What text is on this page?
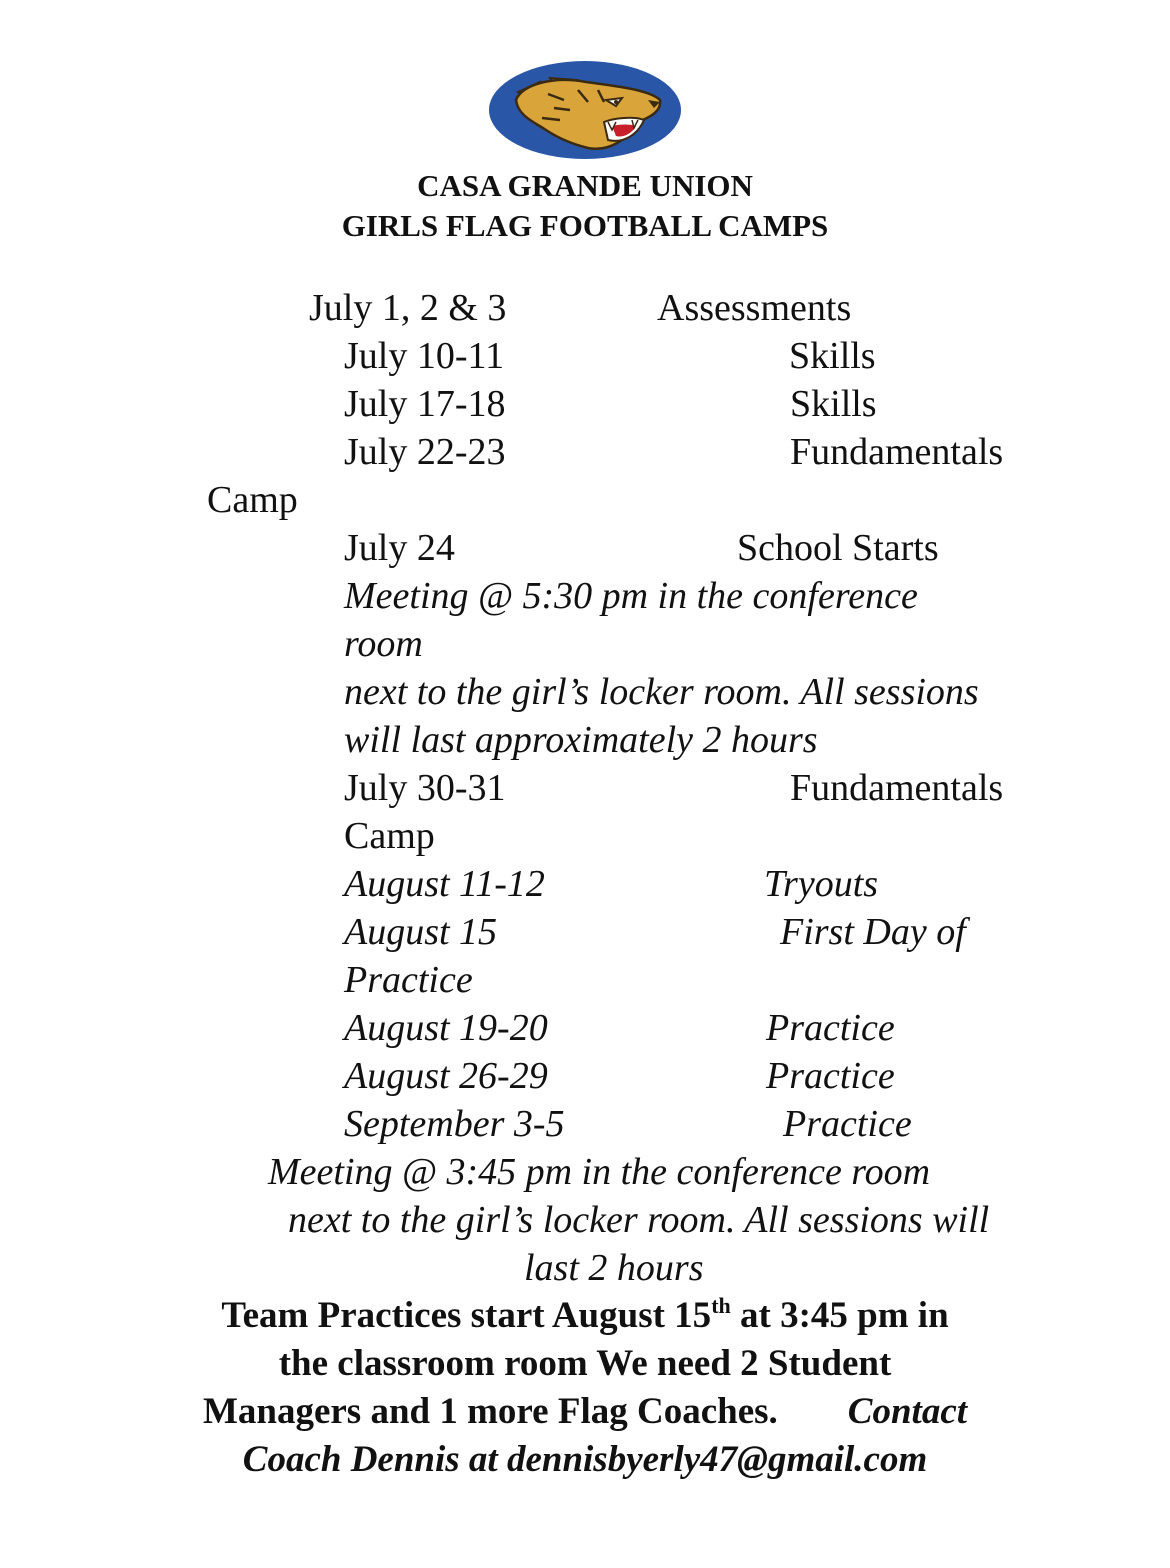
CASA GRANDE UNION
GIRLS FLAG FOOTBALL CAMPS
July 1, 2 & 3	Assessments
July 10-11	Skills
July 17-18	Skills
July 22-23	Fundamentals
Camp
July 24	School Starts
Meeting @ 5:30 pm in the conference
room
next to the girl’s locker room. All sessions
will last approximately 2 hours
July 30-31	Fundamentals
Camp
August 11-12	Tryouts
August 15	First Day of
Practice
August 19-20	Practice
August 26-29	Practice
September 3-5	Practice
Meeting @ 3:45 pm in the conference room
next to the girl’s locker room. All sessions will
last 2 hours
Team Practices start August 15th at 3:45 pm in
the classroom room We need 2 Student
Managers and 1 more Flag Coaches. Contact
Coach Dennis at dennisbyerly47@gmail.com
